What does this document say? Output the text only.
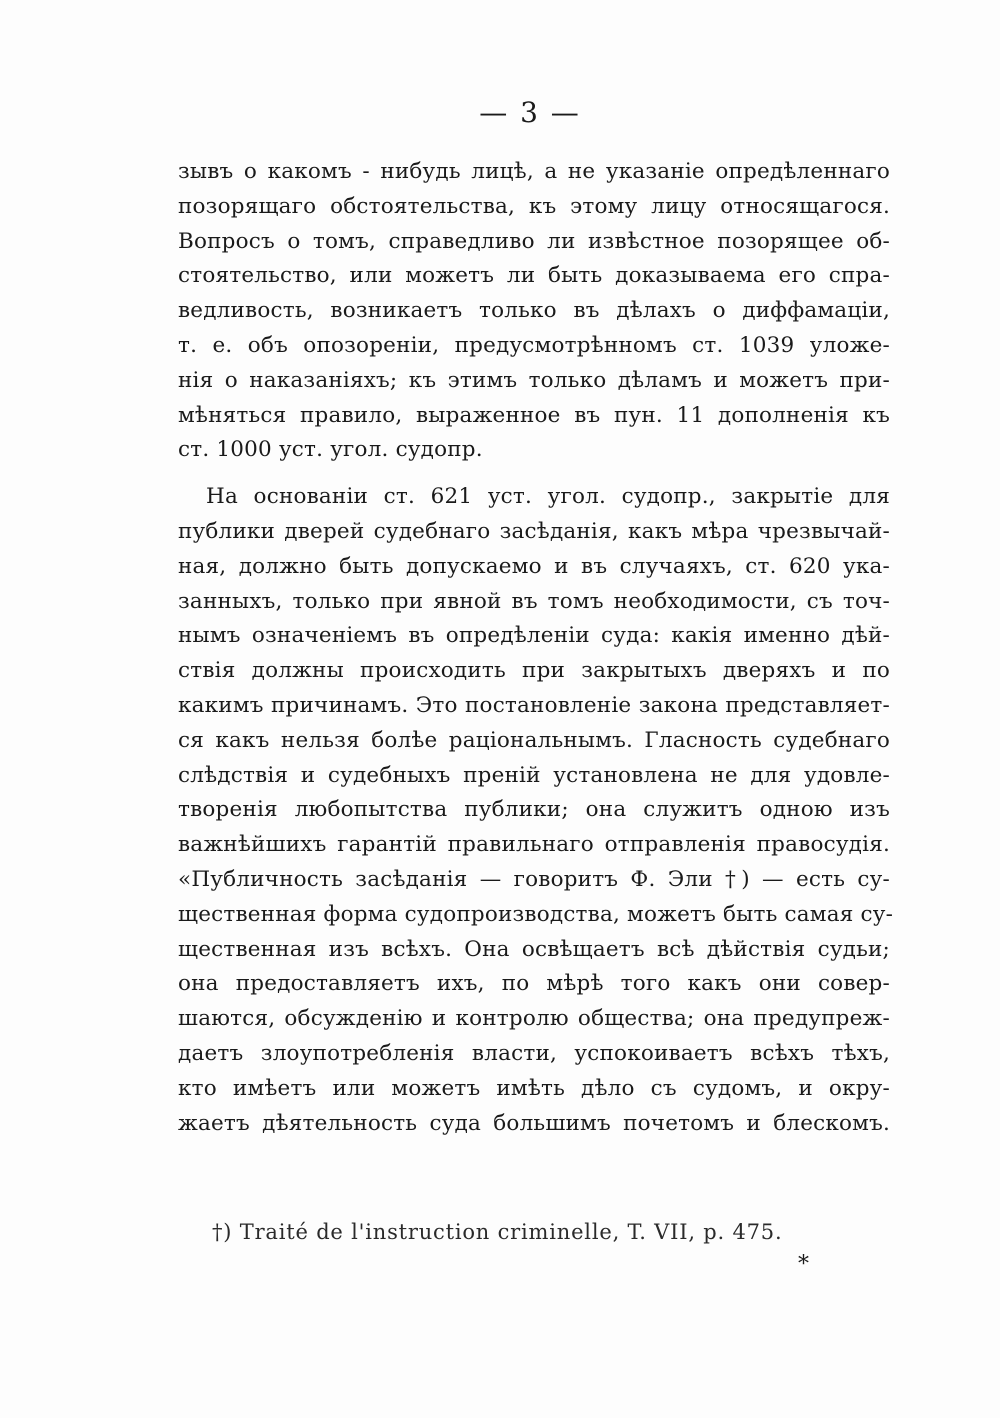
— 3 —
зывъ о какомъ - нибудь лицѣ, а не указаніе опредѣленнаго
позорящаго обстоятельства, къ этому лицу относящагося.
Вопросъ о томъ, справедливо ли извѣстное позорящее об-
стоятельство, или можетъ ли быть доказываема его спра-
ведливость, возникаетъ только въ дѣлахъ о диффамаціи,
т. е. объ опозореніи, предусмотрѣнномъ ст. 1039 уложе-
нія о наказаніяхъ; къ этимъ только дѣламъ и можетъ при-
мѣняться правило, выраженное въ пун. 11 дополненія къ
ст. 1000 уст. угол. судопр.
На основаніи ст. 621 уст. угол. судопр., закрытіе для
публики дверей судебнаго засѣданія, какъ мѣра чрезвычай-
ная, должно быть допускаемо и въ случаяхъ, ст. 620 ука-
занныхъ, только при явной въ томъ необходимости, съ точ-
нымъ означеніемъ въ опредѣленіи суда: какія именно дѣй-
ствія должны происходить при закрытыхъ дверяхъ и по
какимъ причинамъ. Это постановленіе закона представляет-
ся какъ нельзя болѣе раціональнымъ. Гласность судебнаго
слѣдствія и судебныхъ преній установлена не для удовле-
творенія любопытства публики; она служитъ одною изъ
важнѣйшихъ гарантій правильнаго отправленія правосудія.
«Публичность засѣданія — говоритъ Ф. Эли †) — есть су-
щественная форма судопроизводства, можетъ быть самая су-
щественная изъ всѣхъ. Она освѣщаетъ всѣ дѣйствія судьи;
она предоставляетъ ихъ, по мѣрѣ того какъ они совер-
шаются, обсужденію и контролю общества; она предупреж-
даетъ злоупотребленія власти, успокоиваетъ всѣхъ тѣхъ,
кто имѣетъ или можетъ имѣть дѣло съ судомъ, и окру-
жаетъ дѣятельность суда большимъ почетомъ и блескомъ.
†) Traité de l'instruction criminelle, T. VII, p. 475.
*
